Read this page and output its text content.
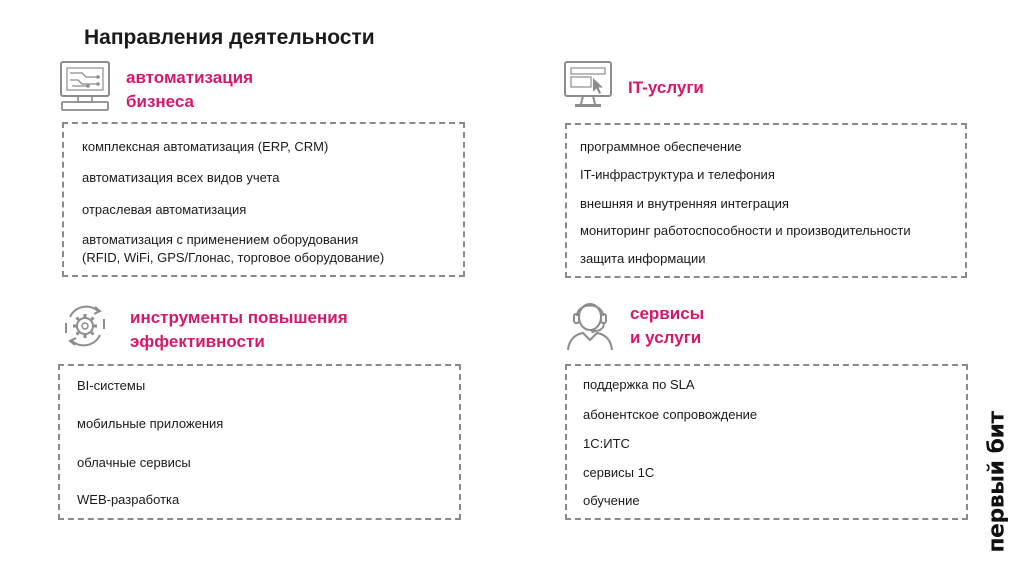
Направления деятельности
автоматизация
бизнеса
комплексная автоматизация (ERP, CRM)
автоматизация всех видов учета
отраслевая автоматизация
автоматизация с применением оборудования
(RFID, WiFi, GPS/Глонас, торговое оборудование)
IT-услуги
программное обеспечение
IT-инфраструктура и телефония
внешняя и внутренняя интеграция
мониторинг работоспособности и производительности
защита информации
инструменты повышения
эффективности
BI-системы
мобильные приложения
облачные сервисы
WEB-разработка
сервисы
и услуги
поддержка по SLA
абонентское сопровождение
1С:ИТС
сервисы 1С
обучение	первый бит
